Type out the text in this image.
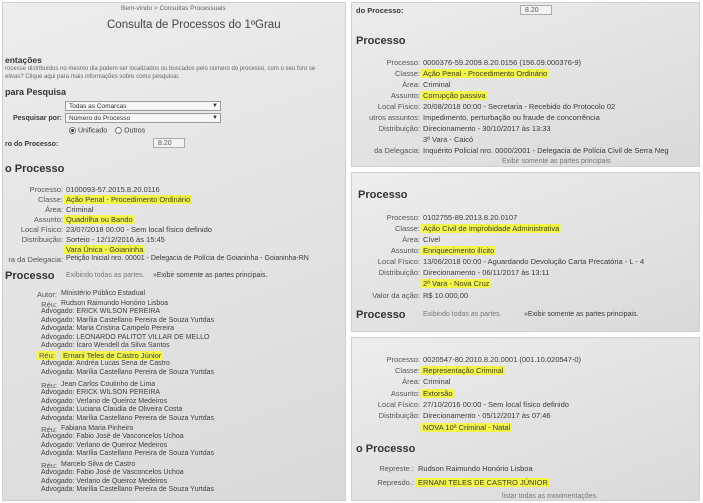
Bem-vindo > Consultas Processuais
Consulta de Processos do 1ºGrau
entações
rocesse distribuídos no mesmo dia podem ser localizados ou buscados pelo número do processo, com o seu foro se
elivas? Clique aqui para mais informações sobre como pesquisar.
para Pesquisa
Todas as Comarcas	▼
Pesquisar por:	Número do Processo	▼
Unificado Outros
ro do Processo:	8.20
o Processo
Processo: 0100093-57.2015.8.20.0116
Classe: Ação Penal - Procedimento Ordinário
Área: Criminal
Assunto: Quadrilha ou Bando
Local Físico: 23/07/2018 00:00 - Sem local físico definido
Distribuição: Sorteio - 12/12/2016 às 15:45
Vara Única - Goianinha
ra da Delegacia: Petição Inicial nro. 00001 - Delegacia de Polícia de Goianinha - Goianinha-RN
Processo Exibindo todas as partes. »Exibir somente as partes principais.
Autor: Ministério Público Estadual
Réu: Rudson Raimundo Honório Lisboa
Advogado: ERICK WILSON PEREIRA
Advogado: Marília Castellano Pereira de Souza Yurtdas
Advogada: Maria Cristina Campelo Pereira
Advogado: LEONARDO PALITOT VILLAR DE MELLO
Advogado: Ícaro Wendell da Silva Santos
Réu: Ernani Teles de Castro Júnior
Advogada: Andréa Lucas Sena de Castro
Advogada: Marília Castellano Pereira de Souza Yurtdas
Réu: Jean Carlos Coutinho de Lima
Advogado: ERICK WILSON PEREIRA
Advogado: Verlano de Queiroz Medeiros
Advogada: Luciana Claudia de Oliveira Costa
Advogada: Marília Castellano Pereira de Souza Yurtdas
Réu: Fabiana Maria Pinheiro
Advogado: Fabio José de Vasconcelos Uchoa
Advogado: Verlano de Queiroz Medeiros
Advogada: Marília Castellano Pereira de Souza Yurtdas
Réu: Marcelo Silva de Castro
Advogado: Fabio José de Vasconcelos Uchoa
Advogado: Verlano de Queiroz Medeiros
Advogada: Marília Castellano Pereira de Souza Yurtdas
do Processo:	8.20
Processo
Processo: 0000376-59.2009.8.20.0156 (156.09.000376-9)
Classe: Ação Penal - Procedimento Ordinário
Área: Criminal
Assunto: Corrupção passiva
Local Físico: 20/08/2018 00:00 - Secretaria - Recebido do Protocolo 02
utros assuntos: Impedimento, perturbação ou fraude de concorrência
Distribuição: Direcionamento - 30/10/2017 às 13:33
3ª Vara - Caicó
da Delegacia: Inquérito Policial nro. 0000/2001 - Delegacia de Polícia Civil de Serra Neg
Exibir somente as partes principais
Processo
Processo: 0102755-89.2013.8.20.0107
Classe: Ação Civil de Improbidade Administrativa
Área: Cível
Assunto: Enriquecimento ilícito
Local Físico: 13/06/2018 00:00 - Aguardando Devolução Carta Precatória - L - 4
Distribuição: Direcionamento - 06/11/2017 às 13:11
2ª Vara - Nova Cruz
Valor da ação: R$ 10.000,00
Processo Exibindo todas as partes.	»Exibir somente as partes principais.
Processo: 0020547-80.2010.8.20.0001 (001.10.020547-0)
Classe: Representação Criminal
Área: Criminal
Assunto: Extorsão
Local Físico: 27/10/2016 00:00 - Sem local físico definido
Distribuição: Direcionamento - 05/12/2017 às 07:46
NOVA 10ª Criminal - Natal
o Processo
Represte.: Rudson Raimundo Honório Lisboa
Represdo.: ERNANI TELES DE CASTRO JÚNIOR
listar todas as movimentações.
